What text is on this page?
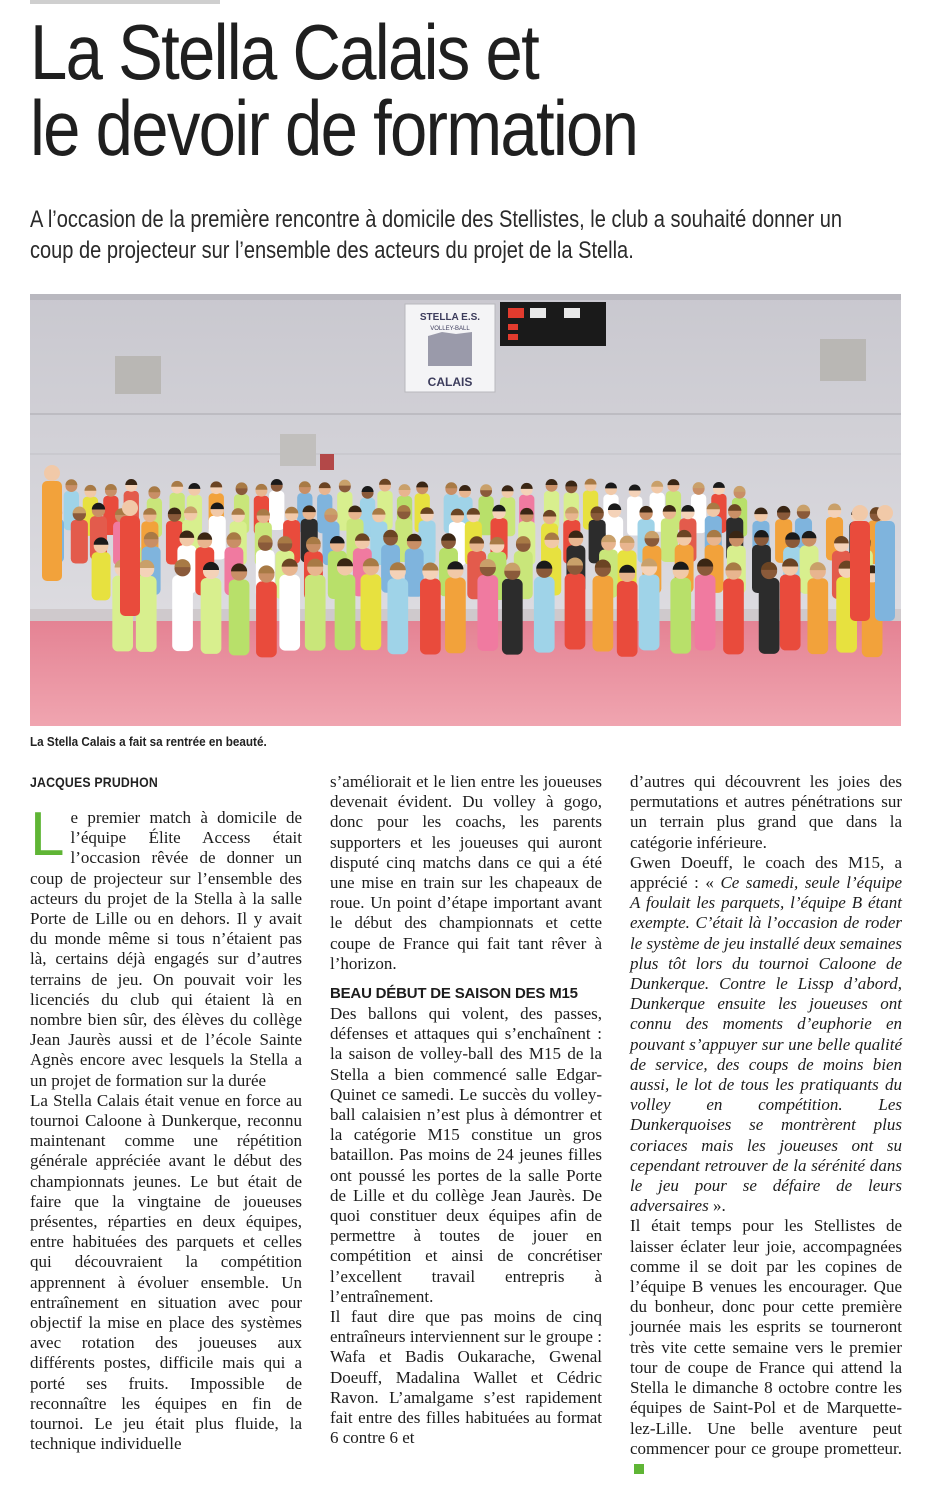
La Stella Calais et
le devoir de formation
A l’occasion de la première rencontre à domicile des Stellistes, le club a souhaité donner un coup de projecteur sur l’ensemble des acteurs du projet de la Stella.
STELLA E.S.
VOLLEY-BALL
CALAIS
La Stella Calais a fait sa rentrée en beauté.
JACQUES PRUDHON

Le premier match à domicile de l’équipe Élite Access était l’occasion rêvée de donner un coup de projecteur sur l’ensemble des acteurs du projet de la Stella à la salle Porte de Lille ou en dehors. Il y avait du monde même si tous n’étaient pas là, certains déjà engagés sur d’autres terrains de jeu. On pouvait voir les licenciés du club qui étaient là en nombre bien sûr, des élèves du collège Jean Jaurès aussi et de l’école Sainte Agnès encore avec lesquels la Stella a un projet de formation sur la durée

La Stella Calais était venue en force au tournoi Caloone à Dunkerque, reconnu maintenant comme une répétition générale appréciée avant le début des championnats jeunes. Le but était de faire que la vingtaine de joueuses présentes, réparties en deux équipes, entre habituées des parquets et celles qui découvraient la compétition apprennent à évoluer ensemble. Un entraînement en situation avec pour objectif la mise en place des systèmes avec rotation des joueuses aux différents postes, difficile mais qui a porté ses fruits. Impossible de reconnaître les équipes en fin de tournoi. Le jeu était plus fluide, la technique individuelle

s’améliorait et le lien entre les joueuses devenait évident. Du volley à gogo, donc pour les coachs, les parents supporters et les joueuses qui auront disputé cinq matchs dans ce qui a été une mise en train sur les chapeaux de roue. Un point d’étape important avant le début des championnats et cette coupe de France qui fait tant rêver à l’horizon.

BEAU DÉBUT DE SAISON DES M15

Des ballons qui volent, des passes, défenses et attaques qui s’enchaînent : la saison de volley-ball des M15 de la Stella a bien commencé salle Edgar-Quinet ce samedi. Le succès du volley-ball calaisien n’est plus à démontrer et la catégorie M15 constitue un gros bataillon. Pas moins de 24 jeunes filles ont poussé les portes de la salle Porte de Lille et du collège Jean Jaurès. De quoi constituer deux équipes afin de permettre à toutes de jouer en compétition et ainsi de concrétiser l’excellent travail entrepris à l’entraînement.

Il faut dire que pas moins de cinq entraîneurs interviennent sur le groupe : Wafa et Badis Oukarache, Gwenal Doeuff, Madalina Wallet et Cédric Ravon. L’amalgame s’est rapidement fait entre des filles habituées au format 6 contre 6 et

d’autres qui découvrent les joies des permutations et autres pénétrations sur un terrain plus grand que dans la catégorie inférieure.

Gwen Doeuff, le coach des M15, a apprécié : « Ce samedi, seule l’équipe A foulait les parquets, l’équipe B étant exempte. C’était là l’occasion de roder le système de jeu installé deux semaines plus tôt lors du tournoi Caloone de Dunkerque. Contre le Lissp d’abord, Dunkerque ensuite les joueuses ont connu des moments d’euphorie en pouvant s’appuyer sur une belle qualité de service, des coups de moins bien aussi, le lot de tous les pratiquants du volley en compétition. Les Dunkerquoises se montrèrent plus coriaces mais les joueuses ont su cependant retrouver de la sérénité dans le jeu pour se défaire de leurs adversaires ».

Il était temps pour les Stellistes de laisser éclater leur joie, accompagnées comme il se doit par les copines de l’équipe B venues les encourager. Que du bonheur, donc pour cette première journée mais les esprits se tourneront très vite cette semaine vers le premier tour de coupe de France qui attend la Stella le dimanche 8 octobre contre les équipes de Saint-Pol et de Marquette-lez-Lille. Une belle aventure peut commencer pour ce groupe prometteur.
